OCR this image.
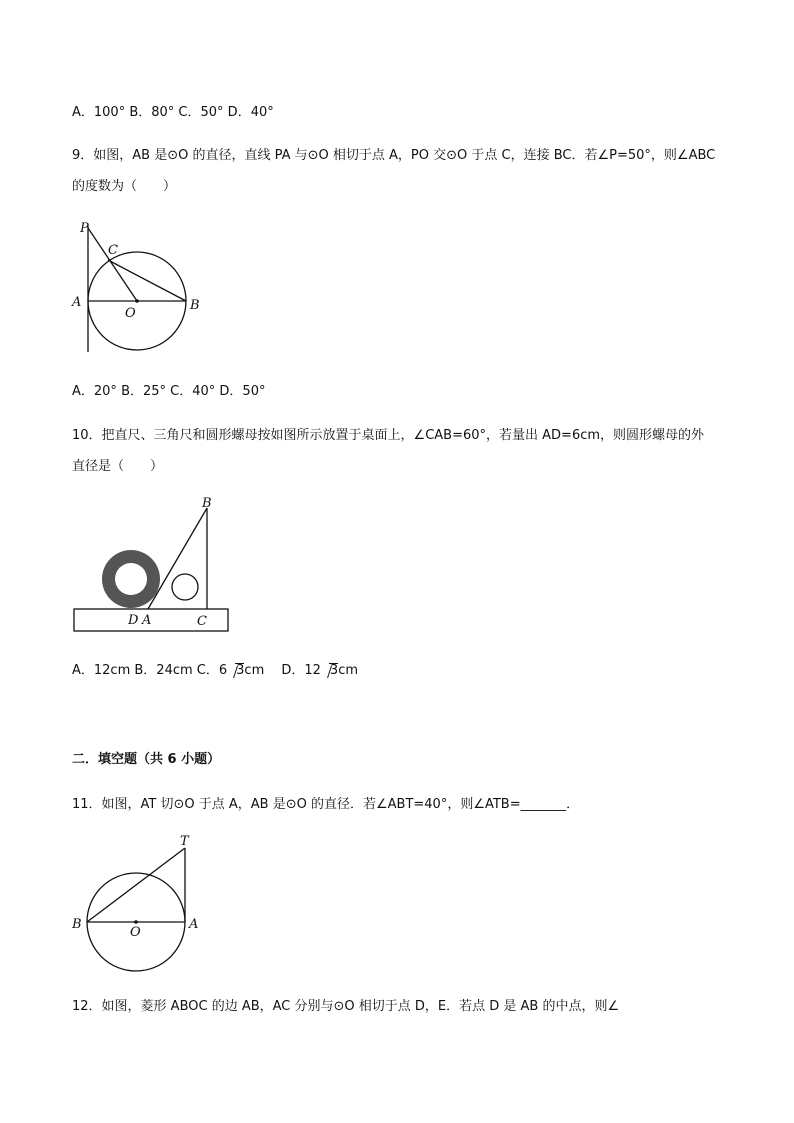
A．100° B．80° C．50° D．40°
9．如图，AB 是⊙O 的直径，直线 PA 与⊙O 相切于点 A，PO 交⊙O 于点 C，连接 BC．若∠P=50°，则∠ABC
的度数为（　　）
P
C
A
O
B
A．20° B．25° C．40° D．50°
10．把直尺、三角尺和圆形螺母按如图所示放置于桌面上，∠CAB=60°，若量出 AD=6cm，则圆形螺母的外
直径是（　　）
B
D A	C
A．12cm B．24cm C．6 3cm　 D．12 3cm
二．填空题（共 6 小题）
11．如图，AT 切⊙O 于点 A，AB 是⊙O 的直径．若∠ABT=40°，则∠ATB=_______．
T
B
O
A
12．如图，菱形 ABOC 的边 AB，AC 分别与⊙O 相切于点 D，E．若点 D 是 AB 的中点，则∠
